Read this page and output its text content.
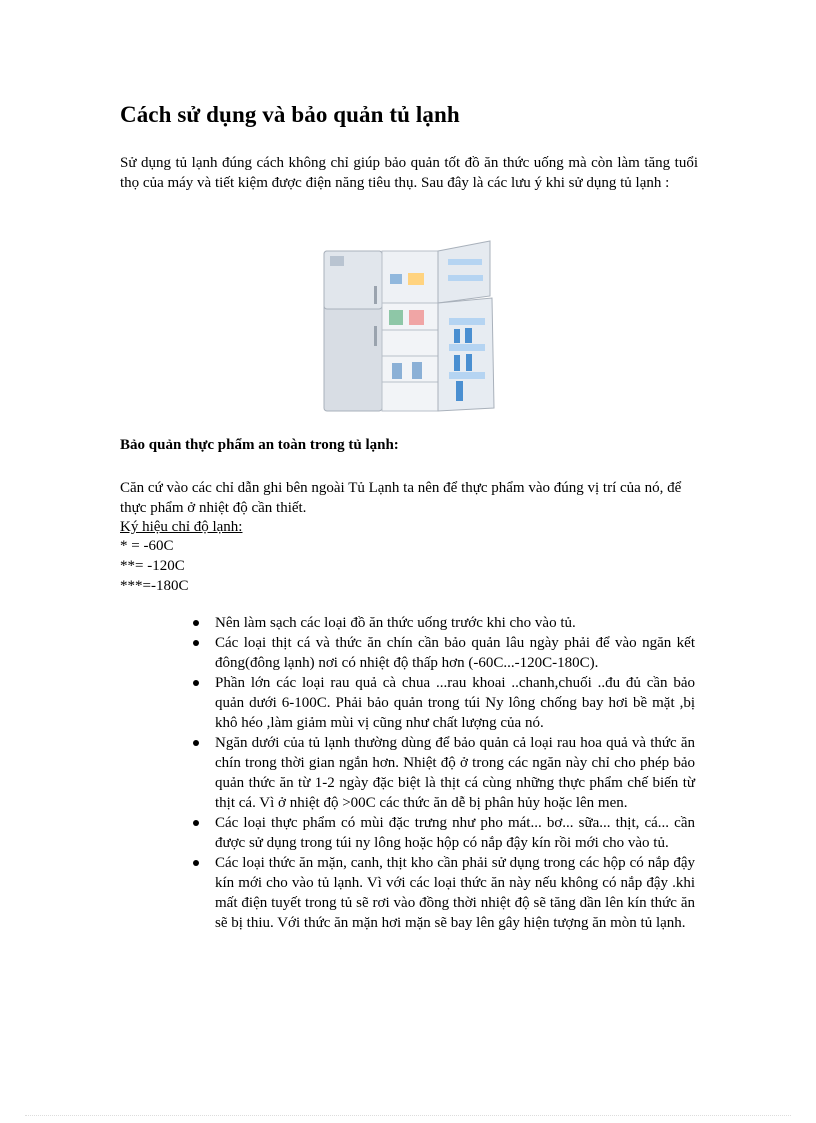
Cách sử dụng và bảo quản tủ lạnh

Sử dụng tủ lạnh đúng cách không chỉ giúp bảo quản tốt đồ ăn thức uống mà còn làm tăng tuổi thọ của máy và tiết kiệm được điện năng tiêu thụ. Sau đây là các lưu ý khi sử dụng tủ lạnh :

Bảo quản thực phẩm an toàn trong tủ lạnh:

Căn cứ vào các chỉ dẫn ghi bên ngoài Tủ Lạnh ta nên để thực phẩm vào đúng vị trí của nó, để thực phẩm ở nhiệt độ cần thiết.

Ký hiệu chỉ độ lạnh:

* = -60C
**= -120C
***=-180C
Nên làm sạch các loại đồ ăn thức uống trước khi cho vào tủ.
Các loại thịt cá và thức ăn chín cần bảo quản lâu ngày phải để vào ngăn kết đông(đông lạnh) nơi có nhiệt độ thấp hơn (-60C...-120C-180C).
Phần lớn các loại rau quả cà chua ...rau khoai ..chanh,chuối ..đu đủ cần bảo quản dưới 6-100C. Phải bảo quản trong túi Ny lông chống bay hơi bề mặt ,bị khô héo ,làm giảm mùi vị cũng như chất lượng của nó.
Ngăn dưới của tủ lạnh thường dùng để bảo quản cả loại rau hoa quả và thức ăn chín trong thời gian ngắn hơn. Nhiệt độ ở trong các ngăn này chỉ cho phép bảo quản thức ăn từ 1-2 ngày đặc biệt là thịt cá cùng những thực phẩm chế biến từ thịt cá. Vì ở nhiệt độ >00C các thức ăn dễ bị phân hủy hoặc lên men.
Các loại thực phẩm có mùi đặc trưng như pho mát... bơ... sữa... thịt, cá... cần được sử dụng trong túi ny lông hoặc hộp có nắp đậy kín rồi mới cho vào tủ.
Các loại thức ăn mặn, canh, thịt kho cần phải sử dụng trong các hộp có nắp đậy kín mới cho vào tủ lạnh. Vì với các loại thức ăn này nếu không có nắp đậy .khi mất điện tuyết trong tủ sẽ rơi vào đồng thời nhiệt độ sẽ tăng dần lên kín thức ăn sẽ bị thiu. Với thức ăn mặn hơi mặn sẽ bay lên gây hiện tượng ăn mòn tủ lạnh.
